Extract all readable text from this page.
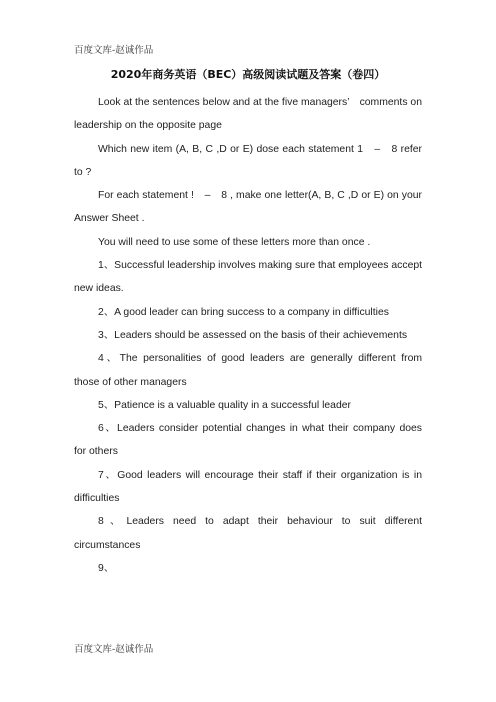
百度文库-赵诚作品
2020年商务英语（BEC）高级阅读试题及答案（卷四）

Look at the sentences below and at the five managers’　comments on leadership on the opposite page

Which new item (A, B, C ,D or E) dose each statement 1　–　8 refer to ?

For each statement !　–　8 , make one letter(A, B, C ,D or E) on your Answer Sheet .

You will need to use some of these letters more than once .

1、Successful leadership involves making sure that employees accept new ideas.

2、A good leader can bring success to a company in difficulties

3、Leaders should be assessed on the basis of their achievements

4、The personalities of good leaders are generally different from those of other managers

5、Patience is a valuable quality in a successful leader

6、Leaders consider potential changes in what their company does for others

7、Good leaders will encourage their staff if their organization is in difficulties

8、Leaders need to adapt their behaviour to suit different circumstances

9、

百度文库-赵诚作品
